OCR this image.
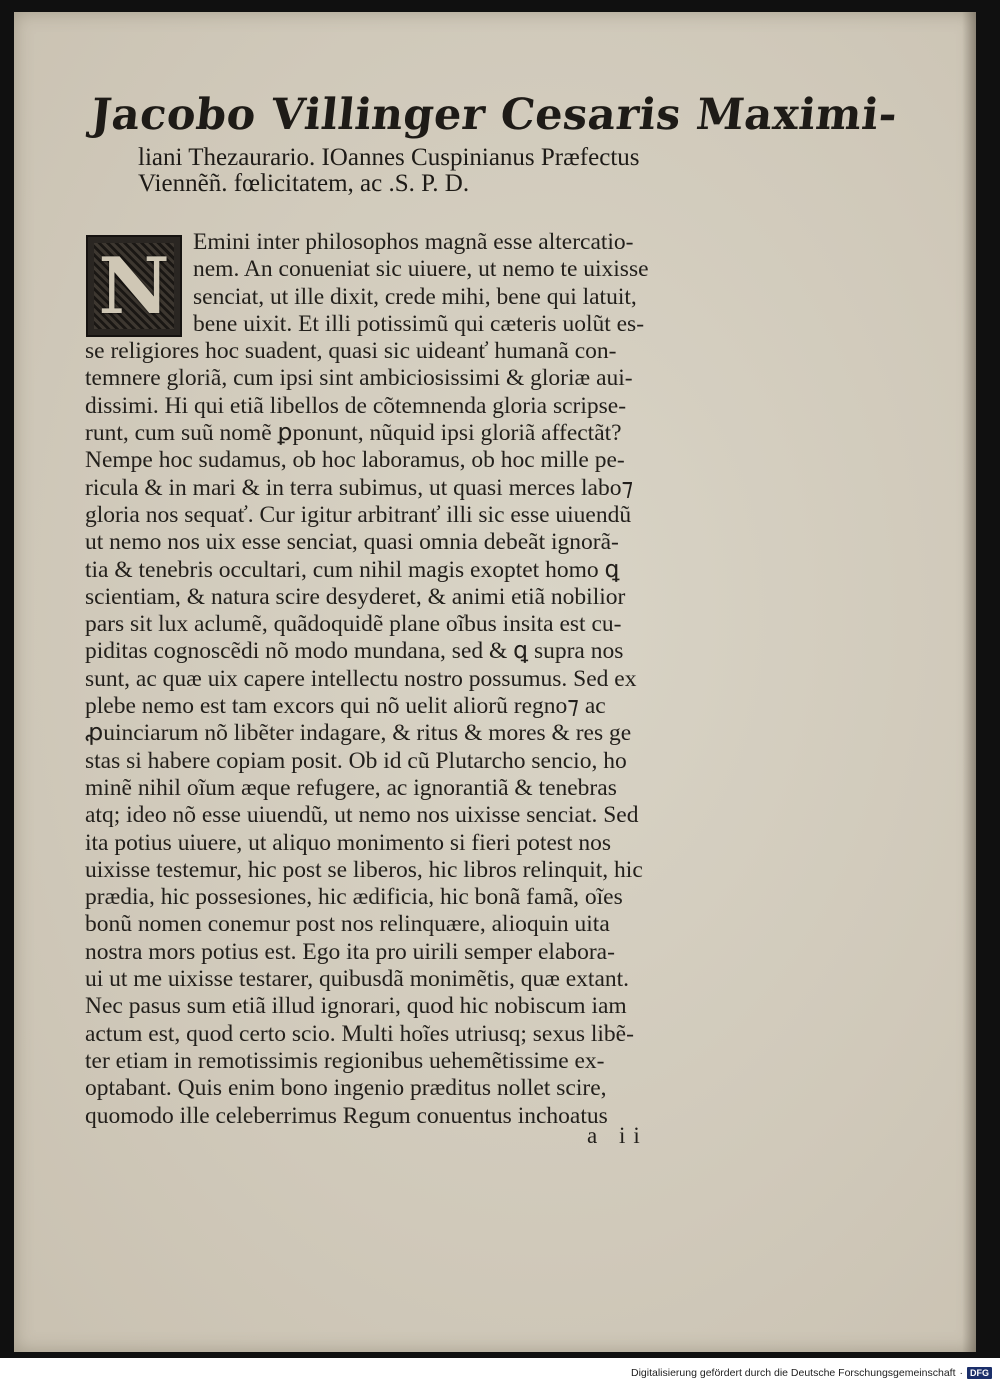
Jacobo Villinger Cesaris Maximi-
liani Thezaurario. IOannes Cuspinianus Præfectus
Viennẽñ. fœlicitatem, ac .S. P. D.
N Emini inter philosophos magnã esse altercatio-
nem. An conueniat sic uiuere, ut nemo te uixisse
senciat, ut ille dixit, crede mihi, bene qui latuit,
bene uixit. Et illi potissimũ qui cæteris uolũt es-
se religiores hoc suadent, quasi sic uideanť humanã con-
temnere gloriã, cum ipsi sint ambiciosissimi & gloriæ aui-
dissimi. Hi qui etiã libellos de cõtemnenda gloria scripse-
runt, cum suũ nomẽ ꝑponunt, nũquid ipsi gloriã affectãt?
Nempe hoc sudamus, ob hoc laboramus, ob hoc mille pe-
ricula & in mari & in terra subimus, ut quasi merces labo⁊
gloria nos sequať. Cur igitur arbitranť illi sic esse uiuendũ
ut nemo nos uix esse senciat, quasi omnia debeãt ignorã-
tia & tenebris occultari, cum nihil magis exoptet homo ꝗ
scientiam, & natura scire desyderet, & animi etiã nobilior
pars sit lux aclumẽ, quãdoquidẽ plane oĩbus insita est cu-
piditas cognoscẽdi nõ modo mundana, sed & ꝗ supra nos
sunt, ac quæ uix capere intellectu nostro possumus. Sed ex
plebe nemo est tam excors qui nõ uelit aliorũ regno⁊ ac
ꝓuinciarum nõ libẽter indagare, & ritus & mores & res ge
stas si habere copiam posit. Ob id cũ Plutarcho sencio, ho
minẽ nihil oĩum æque refugere, ac ignorantiã & tenebras
atq; ideo nõ esse uiuendũ, ut nemo nos uixisse senciat. Sed
ita potius uiuere, ut aliquo monimento si fieri potest nos
uixisse testemur, hic post se liberos, hic libros relinquit, hic
prædia, hic possesiones, hic ædificia, hic bonã famã, oĩes
bonũ nomen conemur post nos relinquære, alioquin uita
nostra mors potius est. Ego ita pro uirili semper elabora-
ui ut me uixisse testarer, quibusdã monimẽtis, quæ extant.
Nec pasus sum etiã illud ignorari, quod hic nobiscum iam
actum est, quod certo scio. Multi hoĩes utriusq; sexus libẽ-
ter etiam in remotissimis regionibus uehemẽtissime ex-
optabant. Quis enim bono ingenio præditus nollet scire,
quomodo ille celeberrimus Regum conuentus inchoatus
a ii
Digitalisierung gefördert durch die Deutsche Forschungsgemeinschaft · DFG
